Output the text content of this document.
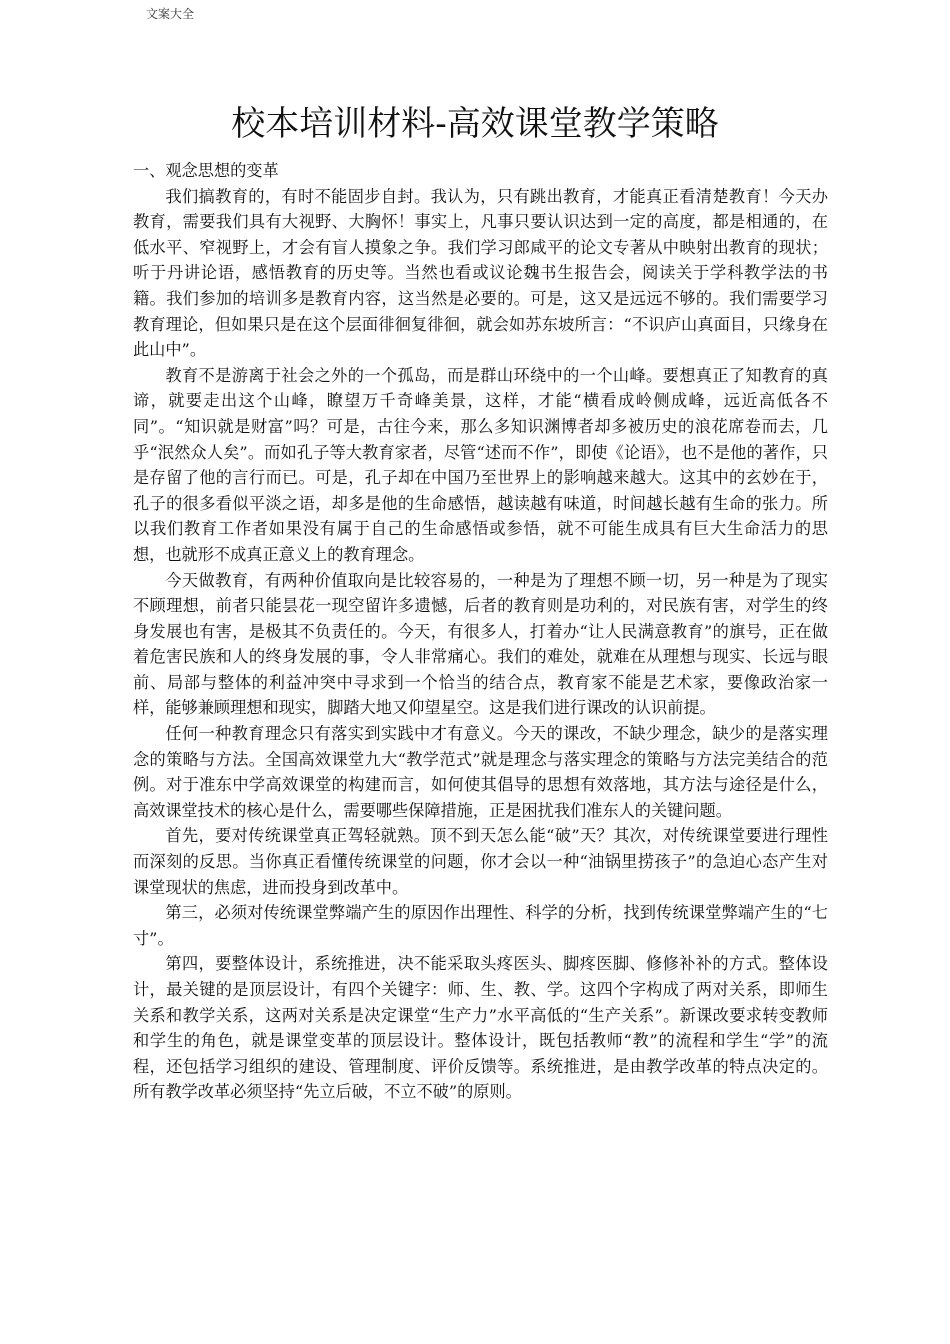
文案大全
校本培训材料-高效课堂教学策略

一、观念思想的变革

我们搞教育的，有时不能固步自封。我认为，只有跳出教育，才能真正看清楚教育！今天办教育，需要我们具有大视野、大胸怀！事实上，凡事只要认识达到一定的高度，都是相通的，在低水平、窄视野上，才会有盲人摸象之争。我们学习郎咸平的论文专著从中映射出教育的现状；听于丹讲论语，感悟教育的历史等。当然也看或议论魏书生报告会，阅读关于学科教学法的书籍。我们参加的培训多是教育内容，这当然是必要的。可是，这又是远远不够的。我们需要学习教育理论，但如果只是在这个层面徘徊复徘徊，就会如苏东坡所言：“不识庐山真面目，只缘身在此山中”。

教育不是游离于社会之外的一个孤岛，而是群山环绕中的一个山峰。要想真正了知教育的真谛，就要走出这个山峰，瞭望万千奇峰美景，这样，才能“横看成岭侧成峰，远近高低各不同”。“知识就是财富”吗？可是，古往今来，那么多知识渊博者却多被历史的浪花席卷而去，几乎“泯然众人矣”。而如孔子等大教育家者，尽管“述而不作”，即使《论语》，也不是他的著作，只是存留了他的言行而已。可是，孔子却在中国乃至世界上的影响越来越大。这其中的玄妙在于，孔子的很多看似平淡之语，却多是他的生命感悟，越读越有味道，时间越长越有生命的张力。所以我们教育工作者如果没有属于自己的生命感悟或参悟，就不可能生成具有巨大生命活力的思想，也就形不成真正意义上的教育理念。

今天做教育，有两种价值取向是比较容易的，一种是为了理想不顾一切，另一种是为了现实不顾理想，前者只能昙花一现空留许多遗憾，后者的教育则是功利的，对民族有害，对学生的终身发展也有害，是极其不负责任的。今天，有很多人，打着办“让人民满意教育”的旗号，正在做着危害民族和人的终身发展的事，令人非常痛心。我们的难处，就难在从理想与现实、长远与眼前、局部与整体的利益冲突中寻求到一个恰当的结合点，教育家不能是艺术家，要像政治家一样，能够兼顾理想和现实，脚踏大地又仰望星空。这是我们进行课改的认识前提。

任何一种教育理念只有落实到实践中才有意义。今天的课改，不缺少理念，缺少的是落实理念的策略与方法。全国高效课堂九大“教学范式”就是理念与落实理念的策略与方法完美结合的范例。对于准东中学高效课堂的构建而言，如何使其倡导的思想有效落地，其方法与途径是什么，高效课堂技术的核心是什么，需要哪些保障措施，正是困扰我们准东人的关键问题。

首先，要对传统课堂真正驾轻就熟。顶不到天怎么能“破”天？其次，对传统课堂要进行理性而深刻的反思。当你真正看懂传统课堂的问题，你才会以一种“油锅里捞孩子”的急迫心态产生对课堂现状的焦虑，进而投身到改革中。

第三，必须对传统课堂弊端产生的原因作出理性、科学的分析，找到传统课堂弊端产生的“七寸”。

第四，要整体设计，系统推进，决不能采取头疼医头、脚疼医脚、修修补补的方式。整体设计，最关键的是顶层设计，有四个关键字：师、生、教、学。这四个字构成了两对关系，即师生关系和教学关系，这两对关系是决定课堂“生产力”水平高低的“生产关系”。新课改要求转变教师和学生的角色，就是课堂变革的顶层设计。整体设计，既包括教师“教”的流程和学生“学”的流程，还包括学习组织的建设、管理制度、评价反馈等。系统推进，是由教学改革的特点决定的。所有教学改革必须坚持“先立后破，不立不破”的原则。
